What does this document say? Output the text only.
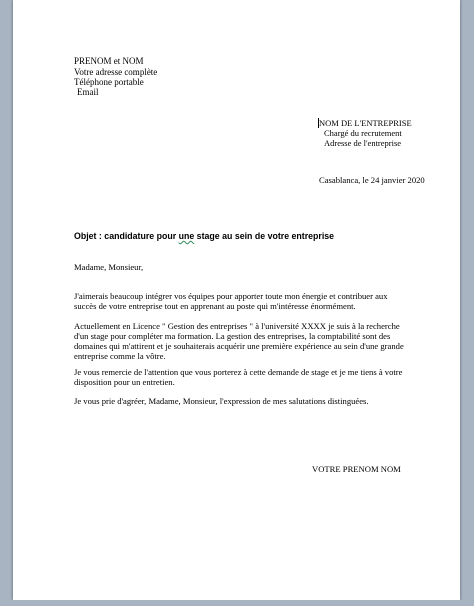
PRENOM et NOM
Votre adresse complète
Téléphone portable
Email
NOM DE L'ENTREPRISE
Chargé du recrutement
Adresse de l'entreprise
Casablanca, le 24 janvier 2020
Objet : candidature pour une stage au sein de votre entreprise
Madame, Monsieur,
J'aimerais beaucoup intégrer vos équipes pour apporter toute mon énergie et contribuer aux
succès de votre entreprise tout en apprenant au poste qui m'intéresse énormément.
Actuellement en Licence " Gestion des entreprises " à l'université XXXX je suis à la recherche
d'un stage pour compléter ma formation. La gestion des entreprises, la comptabilité sont des
domaines qui m'attirent et je souhaiterais acquérir une première expérience au sein d'une grande
entreprise comme la vôtre.
Je vous remercie de l'attention que vous porterez à cette demande de stage et je me tiens à votre
disposition pour un entretien.
Je vous prie d'agréer, Madame, Monsieur, l'expression de mes salutations distinguées.
VOTRE PRENOM NOM
